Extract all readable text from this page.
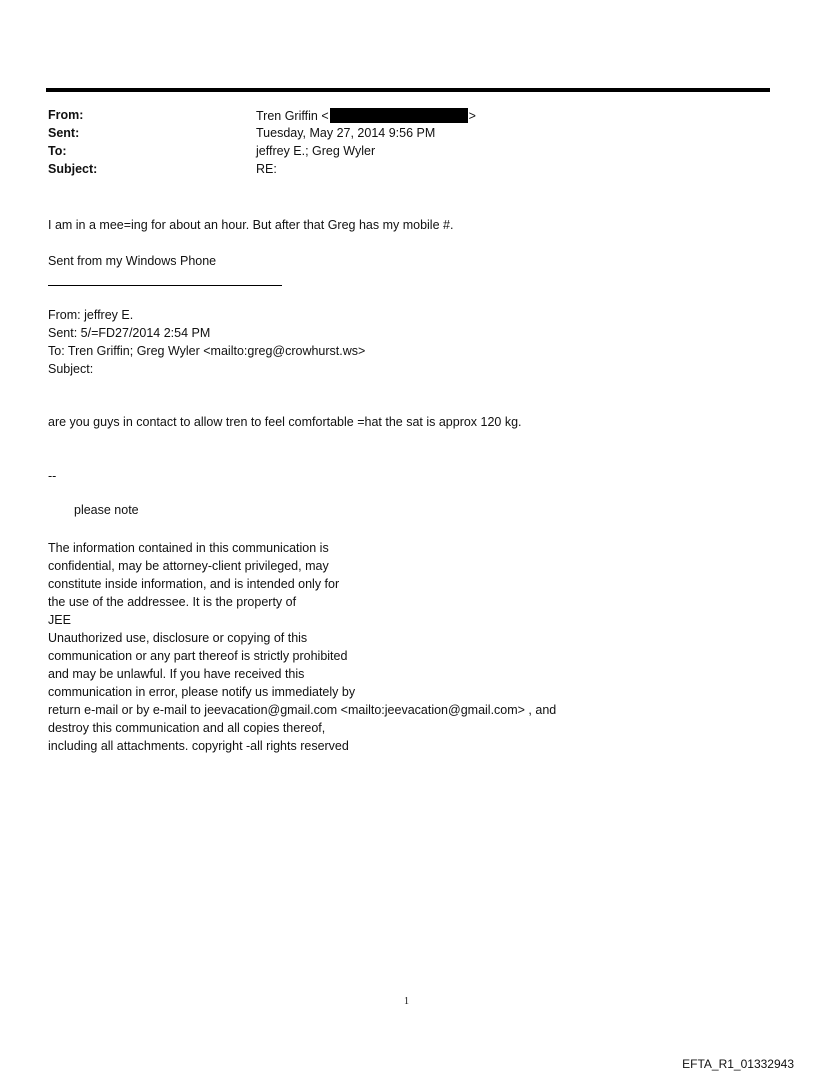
From:	Tren Griffin <	>
Sent:	Tuesday, May 27, 2014 9:56 PM
To:	jeffrey E.; Greg Wyler
Subject:	RE:
I am in a mee=ing for about an hour. But after that Greg has my mobile #.
Sent from my Windows Phone
From: jeffrey E.
Sent: 5/=FD27/2014 2:54 PM
To: Tren Griffin; Greg Wyler <mailto:greg@crowhurst.ws>
Subject:
are you guys in contact to allow tren to feel comfortable =hat the sat is approx 120 kg.
--
please note
The information contained in this communication is
confidential, may be attorney-client privileged, may
constitute inside information, and is intended only for
the use of the addressee. It is the property of
JEE
Unauthorized use, disclosure or copying of this
communication or any part thereof is strictly prohibited
and may be unlawful. If you have received this
communication in error, please notify us immediately by
return e-mail or by e-mail to jeevacation@gmail.com <mailto:jeevacation@gmail.com> , and
destroy this communication and all copies thereof,
including all attachments. copyright -all rights reserved
1
EFTA_R1_01332943
